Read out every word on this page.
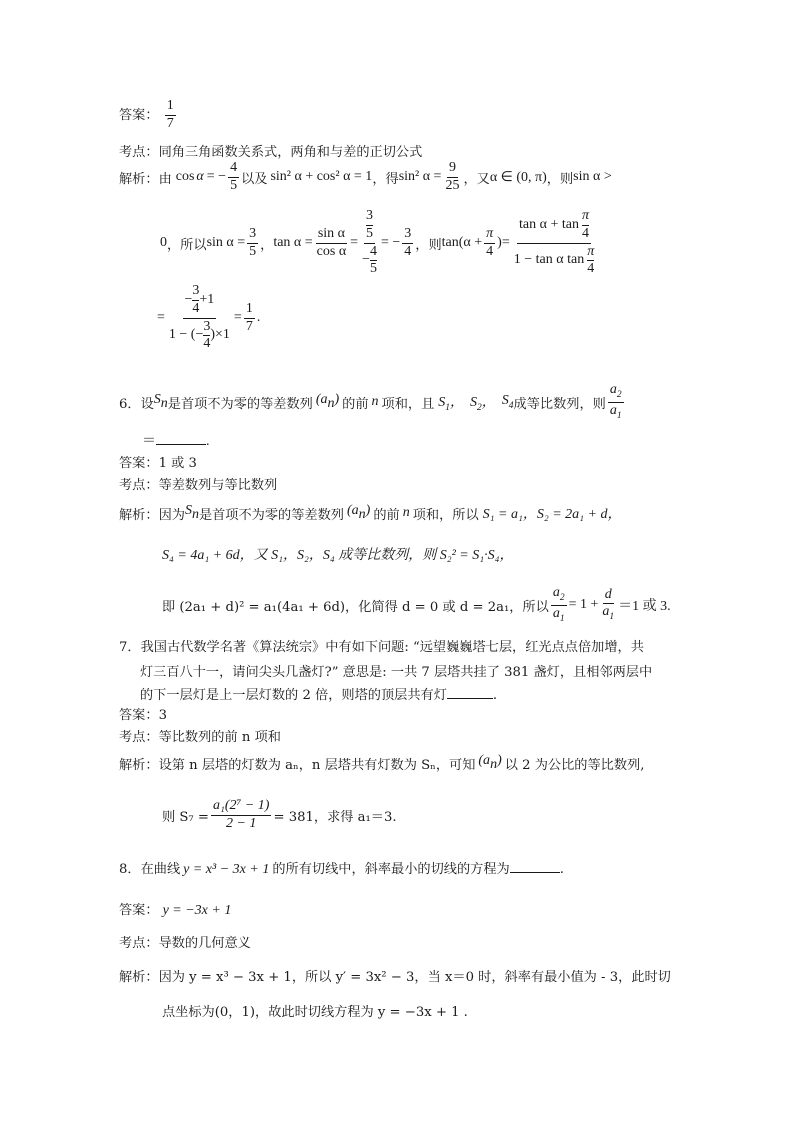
答案： $\frac{1}{7}$
考点：同角三角函数关系式，两角和与差的正切公式
解析： 由 cos α = − $\frac{4}{5}$ 以及 sin² α + cos² α = 1 ，得 sin² $\alpha = \frac{9}{25}$ ，又 α ∈ (0, π) ，则 sin α >
0 ，所以 $\sin \alpha = \frac{3}{5}$ ， $\tan \alpha = \frac{\text{sin α}}{\text{cos α}} = \frac{\frac{3}{5}}{- \frac{4}{5}}$ = − $\frac{3}{4}$ ，则 $\tan(\alpha + \frac{\pi}{4}$ ) = tan α + tan
π
4
1 − tan α tan
π
4
= $\frac{- \frac{3}{4} +1}{1 - (- \frac{3}{4} )\times 1} = \frac{1}{7}$ .
6． 设 $S_n$ 是首项不为零的等差数列 $(a_n)$ 的前 n 项和，且 $S_1$， $S_2$， $S_4$ 成等比数列，则 $\frac{a_2}{a_1}$
＝	.
答案：1 或 3
考点：等差数列与等比数列
解析： 因为 $S_n$ 是首项不为零的等差数列 $(a_n)$ 的前 n 项和，所以 S₁ = a₁，S₂ = 2a₁ + d，
S₄ = 4a₁ + 6d，又 S₁，S₂，S₄ 成等比数列，则 S₂² = S₁·S₄，
即 (2a₁ + d)² = a₁(4a₁ + 6d)，化简得 d = 0 或 d = 2a₁，所以 $\frac{a_2}{a_1} = 1 + \frac{d}{a_1} =1$ 或 3.
7．我国古代数学名著《算法统宗》中有如下问题: “远望巍巍塔七层，红光点点倍加增，共
灯三百八十一，请问尖头几盏灯?” 意思是: 一共 7 层塔共挂了 381 盏灯，且相邻两层中
的下一层灯是上一层灯数的 2 倍，则塔的顶层共有灯	.
答案：3
考点：等比数列的前 n 项和
解析： 设第 n 层塔的灯数为 aₙ，n 层塔共有灯数为 Sₙ，可知 $(a_n)$ 以 2 为公比的等比数列,
则 $S_7 = \frac{\text{a₁(2⁷ − 1)}}{2 - 1} = 381$，求得 a₁＝3.
8．在曲线 y = x³ − 3x + 1 的所有切线中，斜率最小的切线的方程为	.
答案： y = −3x + 1
考点：导数的几何意义
解析：因为 y = x³ − 3x + 1，所以 y′ = 3x² − 3，当 x＝0 时，斜率有最小值为 - 3，此时切
点坐标为(0，1)，故此时切线方程为 y = −3x + 1 .
